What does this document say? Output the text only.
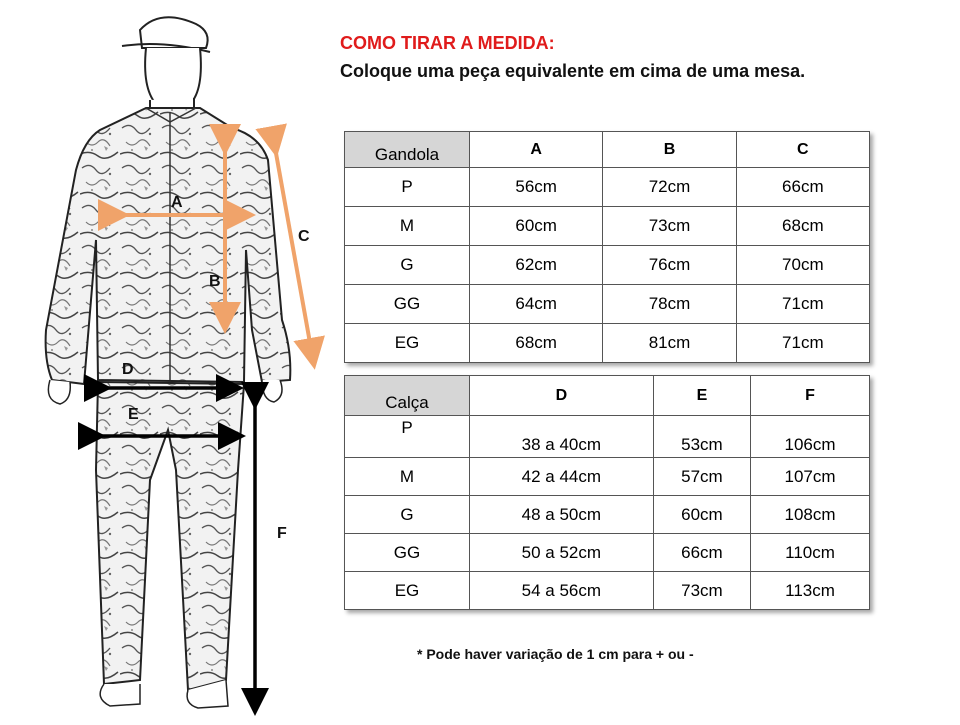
A
B
C
D
E
F
COMO TIRAR A MEDIDA:
Coloque uma peça equivalente em cima de uma mesa.
Gandola	A	B	C
P	56cm	72cm	66cm
M	60cm	73cm	68cm
G	62cm	76cm	70cm
GG	64cm	78cm	71cm
EG	68cm	81cm	71cm
Calça	D	E	F
P	38 a 40cm	53cm	106cm
M	42 a 44cm	57cm	107cm
G	48 a 50cm	60cm	108cm
GG	50 a 52cm	66cm	110cm
EG	54 a 56cm	73cm	113cm
* Pode haver variação de 1 cm para + ou -
